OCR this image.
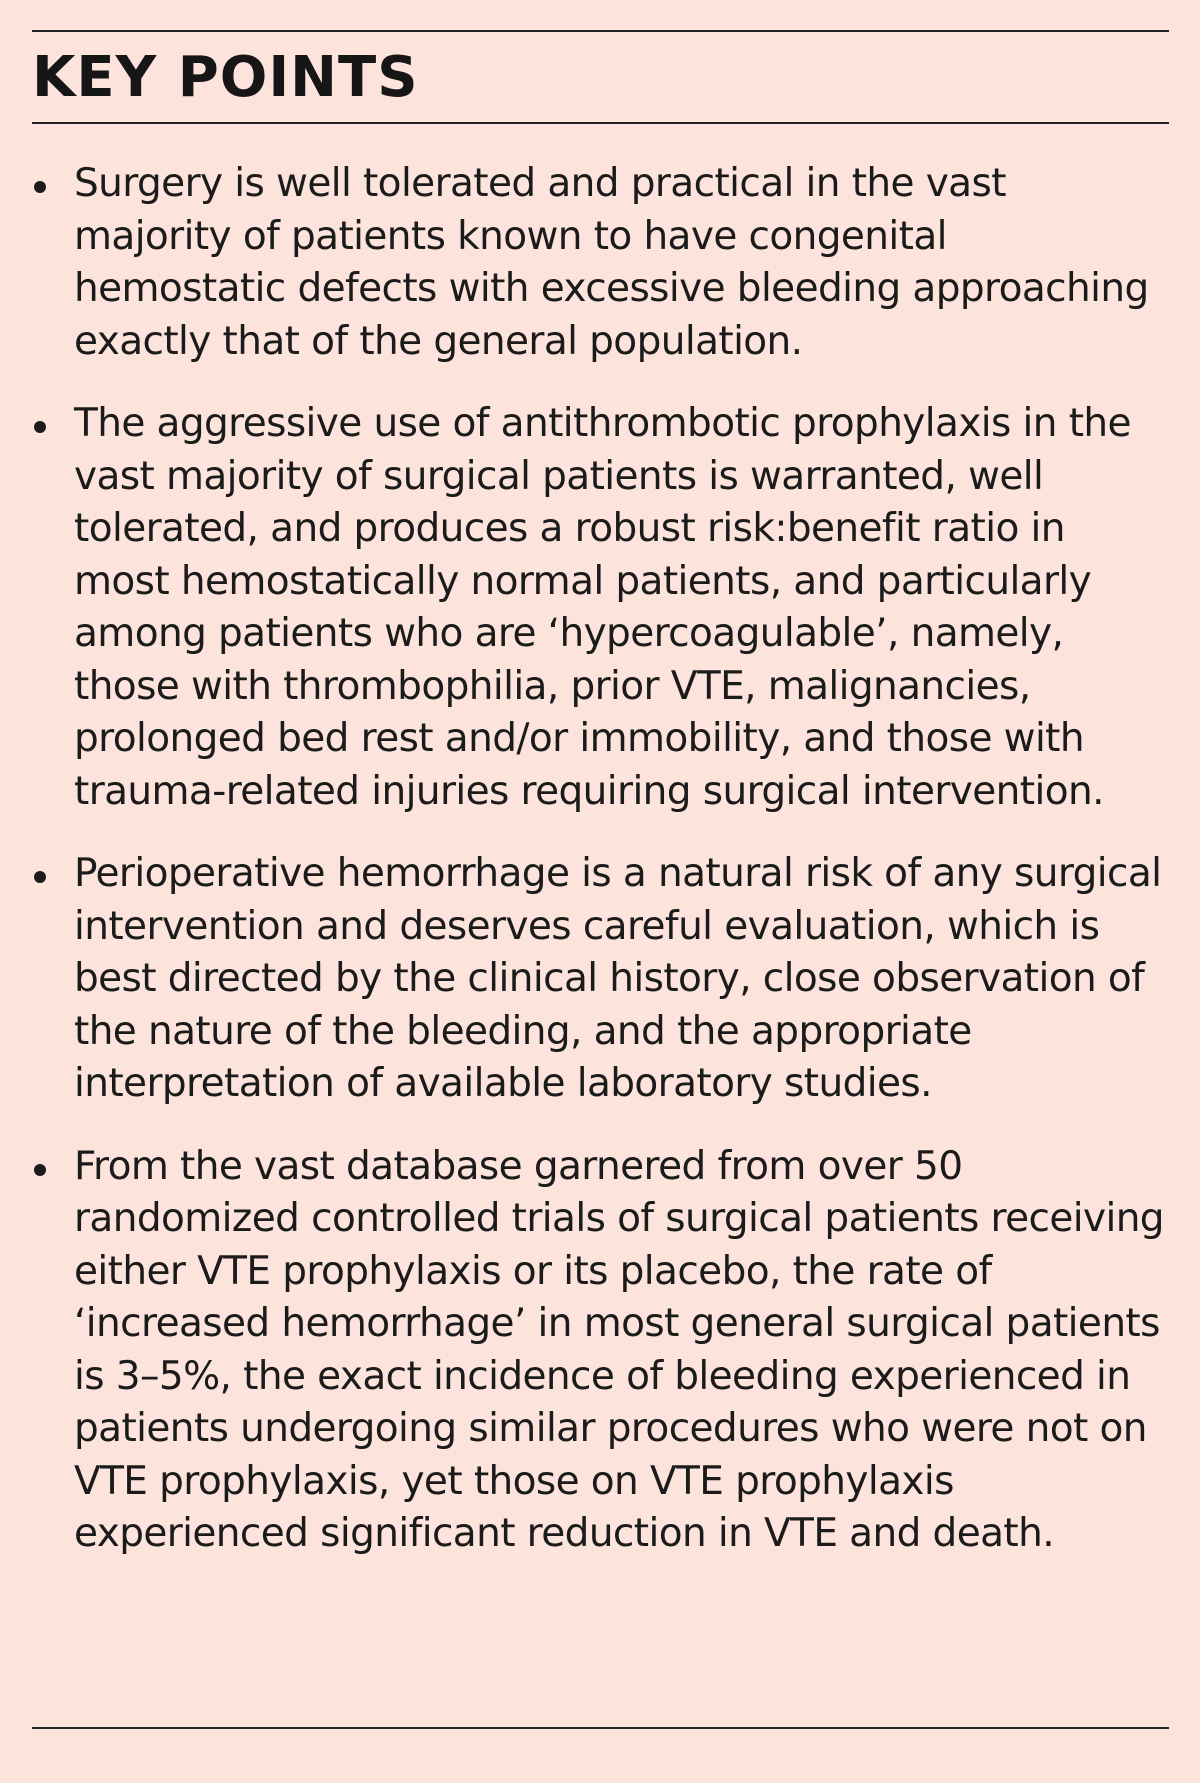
KEY POINTS
Surgery is well tolerated and practical in the vast majority of patients known to have congenital hemostatic defects with excessive bleeding approaching exactly that of the general population.
The aggressive use of antithrombotic prophylaxis in the vast majority of surgical patients is warranted, well tolerated, and produces a robust risk:benefit ratio in most hemostatically normal patients, and particularly among patients who are ‘hypercoagulable’, namely, those with thrombophilia, prior VTE, malignancies, prolonged bed rest and/or immobility, and those with trauma-related injuries requiring surgical intervention.
Perioperative hemorrhage is a natural risk of any surgical intervention and deserves careful evaluation, which is best directed by the clinical history, close observation of the nature of the bleeding, and the appropriate interpretation of available laboratory studies.
From the vast database garnered from over 50 randomized controlled trials of surgical patients receiving either VTE prophylaxis or its placebo, the rate of ‘increased hemorrhage’ in most general surgical patients is 3–5%, the exact incidence of bleeding experienced in patients undergoing similar procedures who were not on VTE prophylaxis, yet those on VTE prophylaxis experienced significant reduction in VTE and death.
